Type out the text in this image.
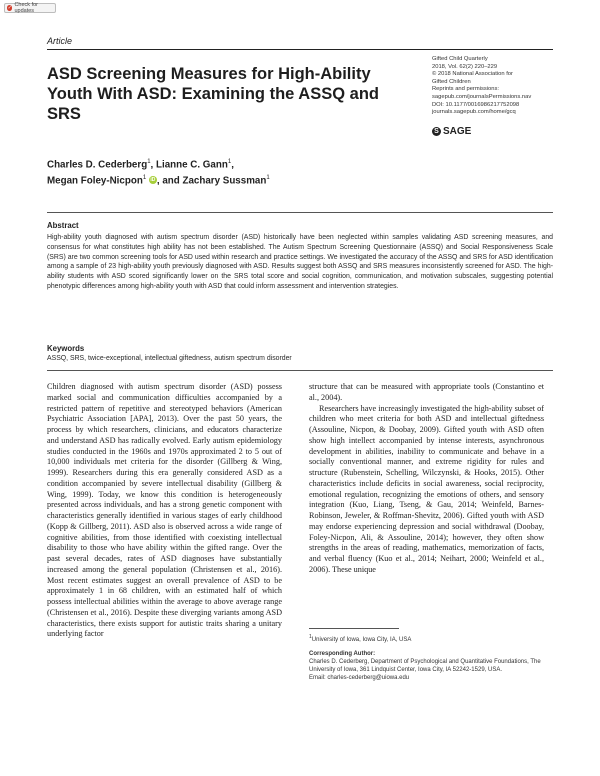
✓ Check for updates
Article
ASD Screening Measures for High-Ability Youth With ASD: Examining the ASSQ and SRS
Gifted Child Quarterly
2018, Vol. 62(2) 220–229
© 2018 National Association for
Gifted Children
Reprints and permissions:
sagepub.com/journalsPermissions.nav
DOI: 10.1177/0016986217752098
journals.sagepub.com/home/gcq
S SAGE
Charles D. Cederberg$^1$, Lianne C. Gann$^1$,
Megan Foley-Nicpon$^1$ iD , and Zachary Sussman$^1$
Abstract

High-ability youth diagnosed with autism spectrum disorder (ASD) historically have been neglected within samples validating ASD screening measures, and consensus for what constitutes high ability has not been established. The Autism Spectrum Screening Questionnaire (ASSQ) and Social Responsiveness Scale (SRS) are two common screening tools for ASD used within research and practice settings. We investigated the accuracy of the ASSQ and SRS for ASD identification among a sample of 23 high-ability youth previously diagnosed with ASD. Results suggest both ASSQ and SRS measures inconsistently screened for ASD. The high-ability students with ASD scored significantly lower on the SRS total score and social cognition, communication, and motivation subscales, suggesting potential phenotypic differences among high-ability youth with ASD that could inform assessment and intervention strategies.

Keywords

ASSQ, SRS, twice-exceptional, intellectual giftedness, autism spectrum disorder

Children diagnosed with autism spectrum disorder (ASD) possess marked social and communication difficulties accompanied by a restricted pattern of repetitive and stereotyped behaviors (American Psychiatric Association [APA], 2013). Over the past 50 years, the process by which researchers, clinicians, and educators characterize and understand ASD has radically evolved. Early autism epidemiology studies conducted in the 1960s and 1970s approximated 2 to 5 out of 10,000 individuals met criteria for the disorder (Gillberg & Wing, 1999). Researchers during this era generally considered ASD as a condition accompanied by severe intellectual disability (Gillberg & Wing, 1999). Today, we know this condition is heterogeneously presented across individuals, and has a strong genetic component with characteristics generally identified in various stages of early childhood (Kopp & Gillberg, 2011). ASD also is observed across a wide range of cognitive abilities, from those identified with coexisting intellectual disability to those who have ability within the gifted range. Over the past several decades, rates of ASD diagnoses have substantially increased among the general population (Christensen et al., 2016). Most recent estimates suggest an overall prevalence of ASD to be approximately 1 in 68 children, with an estimated half of which possess intellectual abilities within the average to above average range (Christensen et al., 2016). Despite these diverging variants among ASD characteristics, there exists support for autistic traits sharing a unitary underlying factor

structure that can be measured with appropriate tools (Constantino et al., 2004).
Researchers have increasingly investigated the high-ability subset of children who meet criteria for both ASD and intellectual giftedness (Assouline, Nicpon, & Doobay, 2009). Gifted youth with ASD often show high intellect accompanied by intense interests, asynchronous development in abilities, inability to communicate and behave in a socially conventional manner, and extreme rigidity for rules and structure (Rubenstein, Schelling, Wilczynski, & Hooks, 2015). Other characteristics include deficits in social awareness, social reciprocity, emotional regulation, recognizing the emotions of others, and sensory integration (Kuo, Liang, Tseng, & Gau, 2014; Weinfeld, Barnes-Robinson, Jeweler, & Roffman-Shevitz, 2006). Gifted youth with ASD may endorse experiencing depression and social withdrawal (Doobay, Foley-Nicpon, Ali, & Assouline, 2014); however, they often show strengths in the areas of reading, mathematics, memorization of facts, and verbal fluency (Kuo et al., 2014; Neihart, 2000; Weinfeld et al., 2006). These unique
$^1$University of Iowa, Iowa City, IA, USA
Corresponding Author:
Charles D. Cederberg, Department of Psychological and Quantitative Foundations, The University of Iowa, 361 Lindquist Center, Iowa City, IA 52242-1529, USA.
Email: charles-cederberg@uiowa.edu
